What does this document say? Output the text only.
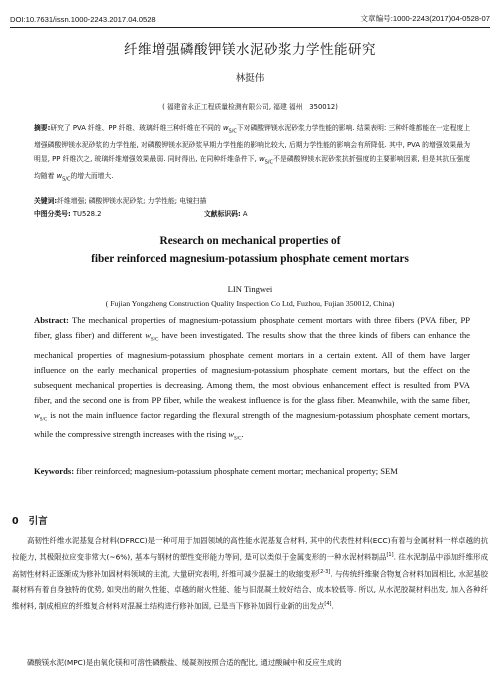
DOI:10.7631/issn.1000-2243.2017.04.0528	文章编号:1000-2243(2017)04-0528-07
纤维增强磷酸钾镁水泥砂浆力学性能研究
林挺伟
( 福建省永正工程质量检测有限公司, 福建 福州　350012)
摘要:研究了 PVA 纤维、PP 纤维、玻璃纤维三种纤维在不同的 $w_{S/C}$下对磷酸钾镁水泥砂浆力学性能的影响. 结果表明: 三种纤维都能在一定程度上增强磷酸钾镁水泥砂浆的力学性能, 对磷酸钾镁水泥砂浆早期力学性能的影响比较大, 后期力学性能的影响会有所降低. 其中, PVA 的增强效果最为明显, PP 纤维次之, 玻璃纤维增强效果最弱. 同时得出, 在同种纤维条件下, $w_{S/C}$不是磷酸钾镁水泥砂浆抗折强度的主要影响因素, 但是其抗压强度均随着 $w_{S/C}$的增大而增大.
关键词:纤维增强; 磷酸钾镁水泥砂浆; 力学性能; 电镜扫描
中图分类号: TU528.2	文献标识码: A
Research on mechanical properties of
fiber reinforced magnesium-potassium phosphate cement mortars
LIN Tingwei
( Fujian Yongzheng Construction Quality Inspection Co Ltd, Fuzhou, Fujian 350012, China)
Abstract: The mechanical properties of magnesium-potassium phosphate cement mortars with three fibers (PVA fiber, PP fiber, glass fiber) and different $w_{S/C}$ have been investigated. The results show that the three kinds of fibers can enhance the mechanical properties of magnesium-potassium phosphate cement mortars in a certain extent. All of them have larger influence on the early mechanical properties of magnesium-potassium phosphate cement mortars, but the effect on the subsequent mechanical properties is decreasing. Among them, the most obvious enhancement effect is resulted from PVA fiber, and the second one is from PP fiber, while the weakest influence is for the glass fiber. Meanwhile, with the same fiber, $w_{S/C}$ is not the main influence factor regarding the flexural strength of the magnesium-potassium phosphate cement mortars, while the compressive strength increases with the rising $w_{S/C}$.
Keywords: fiber reinforced; magnesium-potassium phosphate cement mortar; mechanical property; SEM
0 引言
高韧性纤维水泥基复合材料(DFRCC)是一种可用于加固领域的高性能水泥基复合材料, 其中的代表性材料(ECC)有着与金属材料一样卓越的抗拉能力, 其极限拉应变非常大(~6%), 基本与钢材的塑性变形能力等同, 是可以类似于金属变形的一种水泥材料制品[1]. 往水泥制品中添加纤维形成高韧性材料正逐渐成为修补加固材料领域的主流, 大量研究表明, 纤维可减少混凝土的收缩变形[2-3]. 与传统纤维聚合物复合材料加固相比, 水泥基胶凝材料有着自身独特的优势, 如突出的耐久性能、卓越的耐火性能、能与旧混凝土较好结合、成本较低等. 所以, 从水泥胶凝材料出发, 加入各种纤维材料, 制成相应的纤维复合材料对混凝土结构进行修补加固, 已是当下修补加固行业新的出发点[4].
磷酸镁水泥(MPC)是由氧化镁和可溶性磷酸盐、缓凝剂按照合适的配比, 通过酸碱中和反应生成的
